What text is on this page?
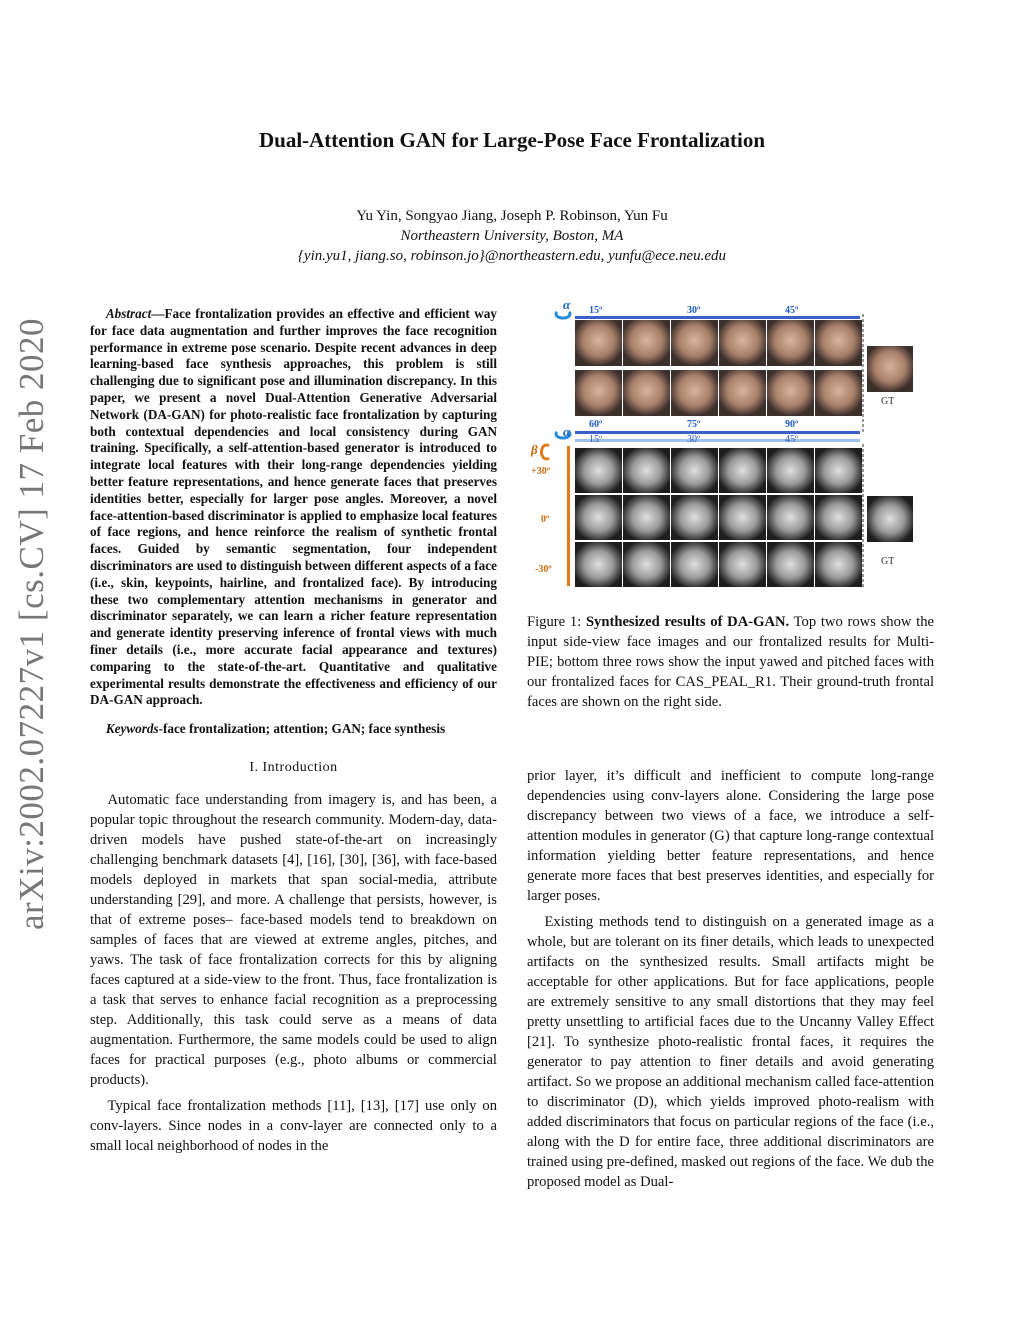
Dual-Attention GAN for Large-Pose Face Frontalization
Yu Yin, Songyao Jiang, Joseph P. Robinson, Yun Fu
Northeastern University, Boston, MA
{yin.yu1, jiang.so, robinson.jo}@northeastern.edu, yunfu@ece.neu.edu
arXiv:2002.07227v1 [cs.CV] 17 Feb 2020
Abstract—Face frontalization provides an effective and efficient way for face data augmentation and further improves the face recognition performance in extreme pose scenario. Despite recent advances in deep learning-based face synthesis approaches, this problem is still challenging due to significant pose and illumination discrepancy. In this paper, we present a novel Dual-Attention Generative Adversarial Network (DA-GAN) for photo-realistic face frontalization by capturing both contextual dependencies and local consistency during GAN training. Specifically, a self-attention-based generator is introduced to integrate local features with their long-range dependencies yielding better feature representations, and hence generate faces that preserves identities better, especially for larger pose angles. Moreover, a novel face-attention-based discriminator is applied to emphasize local features of face regions, and hence reinforce the realism of synthetic frontal faces. Guided by semantic segmentation, four independent discriminators are used to distinguish between different aspects of a face (i.e., skin, keypoints, hairline, and frontalized face). By introducing these two complementary attention mechanisms in generator and discriminator separately, we can learn a richer feature representation and generate identity preserving inference of frontal views with much finer details (i.e., more accurate facial appearance and textures) comparing to the state-of-the-art. Quantitative and qualitative experimental results demonstrate the effectiveness and efficiency of our DA-GAN approach.
Keywords-face frontalization; attention; GAN; face synthesis
I. Introduction
Automatic face understanding from imagery is, and has been, a popular topic throughout the research community. Modern-day, data-driven models have pushed state-of-the-art on increasingly challenging benchmark datasets [4], [16], [30], [36], with face-based models deployed in markets that span social-media, attribute understanding [29], and more. A challenge that persists, however, is that of extreme poses– face-based models tend to breakdown on samples of faces that are viewed at extreme angles, pitches, and yaws. The task of face frontalization corrects for this by aligning faces captured at a side-view to the front. Thus, face frontalization is a task that serves to enhance facial recognition as a preprocessing step. Additionally, this task could serve as a means of data augmentation. Furthermore, the same models could be used to align faces for practical purposes (e.g., photo albums or commercial products).
Typical face frontalization methods [11], [13], [17] use only on conv-layers. Since nodes in a conv-layer are connected only to a small local neighborhood of nodes in the
α 15º	30º	45º
60º	75º	90º
α
15º	30º	45º
β
+30º
0º
-30º
GT
GT
Figure 1: Synthesized results of DA-GAN. Top two rows show the input side-view face images and our frontalized results for Multi-PIE; bottom three rows show the input yawed and pitched faces with our frontalized faces for CAS_PEAL_R1. Their ground-truth frontal faces are shown on the right side.
prior layer, it’s difficult and inefficient to compute long-range dependencies using conv-layers alone. Considering the large pose discrepancy between two views of a face, we introduce a self-attention modules in generator (G) that capture long-range contextual information yielding better feature representations, and hence generate more faces that best preserves identities, and especially for larger poses.
Existing methods tend to distinguish on a generated image as a whole, but are tolerant on its finer details, which leads to unexpected artifacts on the synthesized results. Small artifacts might be acceptable for other applications. But for face applications, people are extremely sensitive to any small distortions that they may feel pretty unsettling to artificial faces due to the Uncanny Valley Effect [21]. To synthesize photo-realistic frontal faces, it requires the generator to pay attention to finer details and avoid generating artifact. So we propose an additional mechanism called face-attention to discriminator (D), which yields improved photo-realism with added discriminators that focus on particular regions of the face (i.e., along with the D for entire face, three additional discriminators are trained using pre-defined, masked out regions of the face. We dub the proposed model as Dual-
